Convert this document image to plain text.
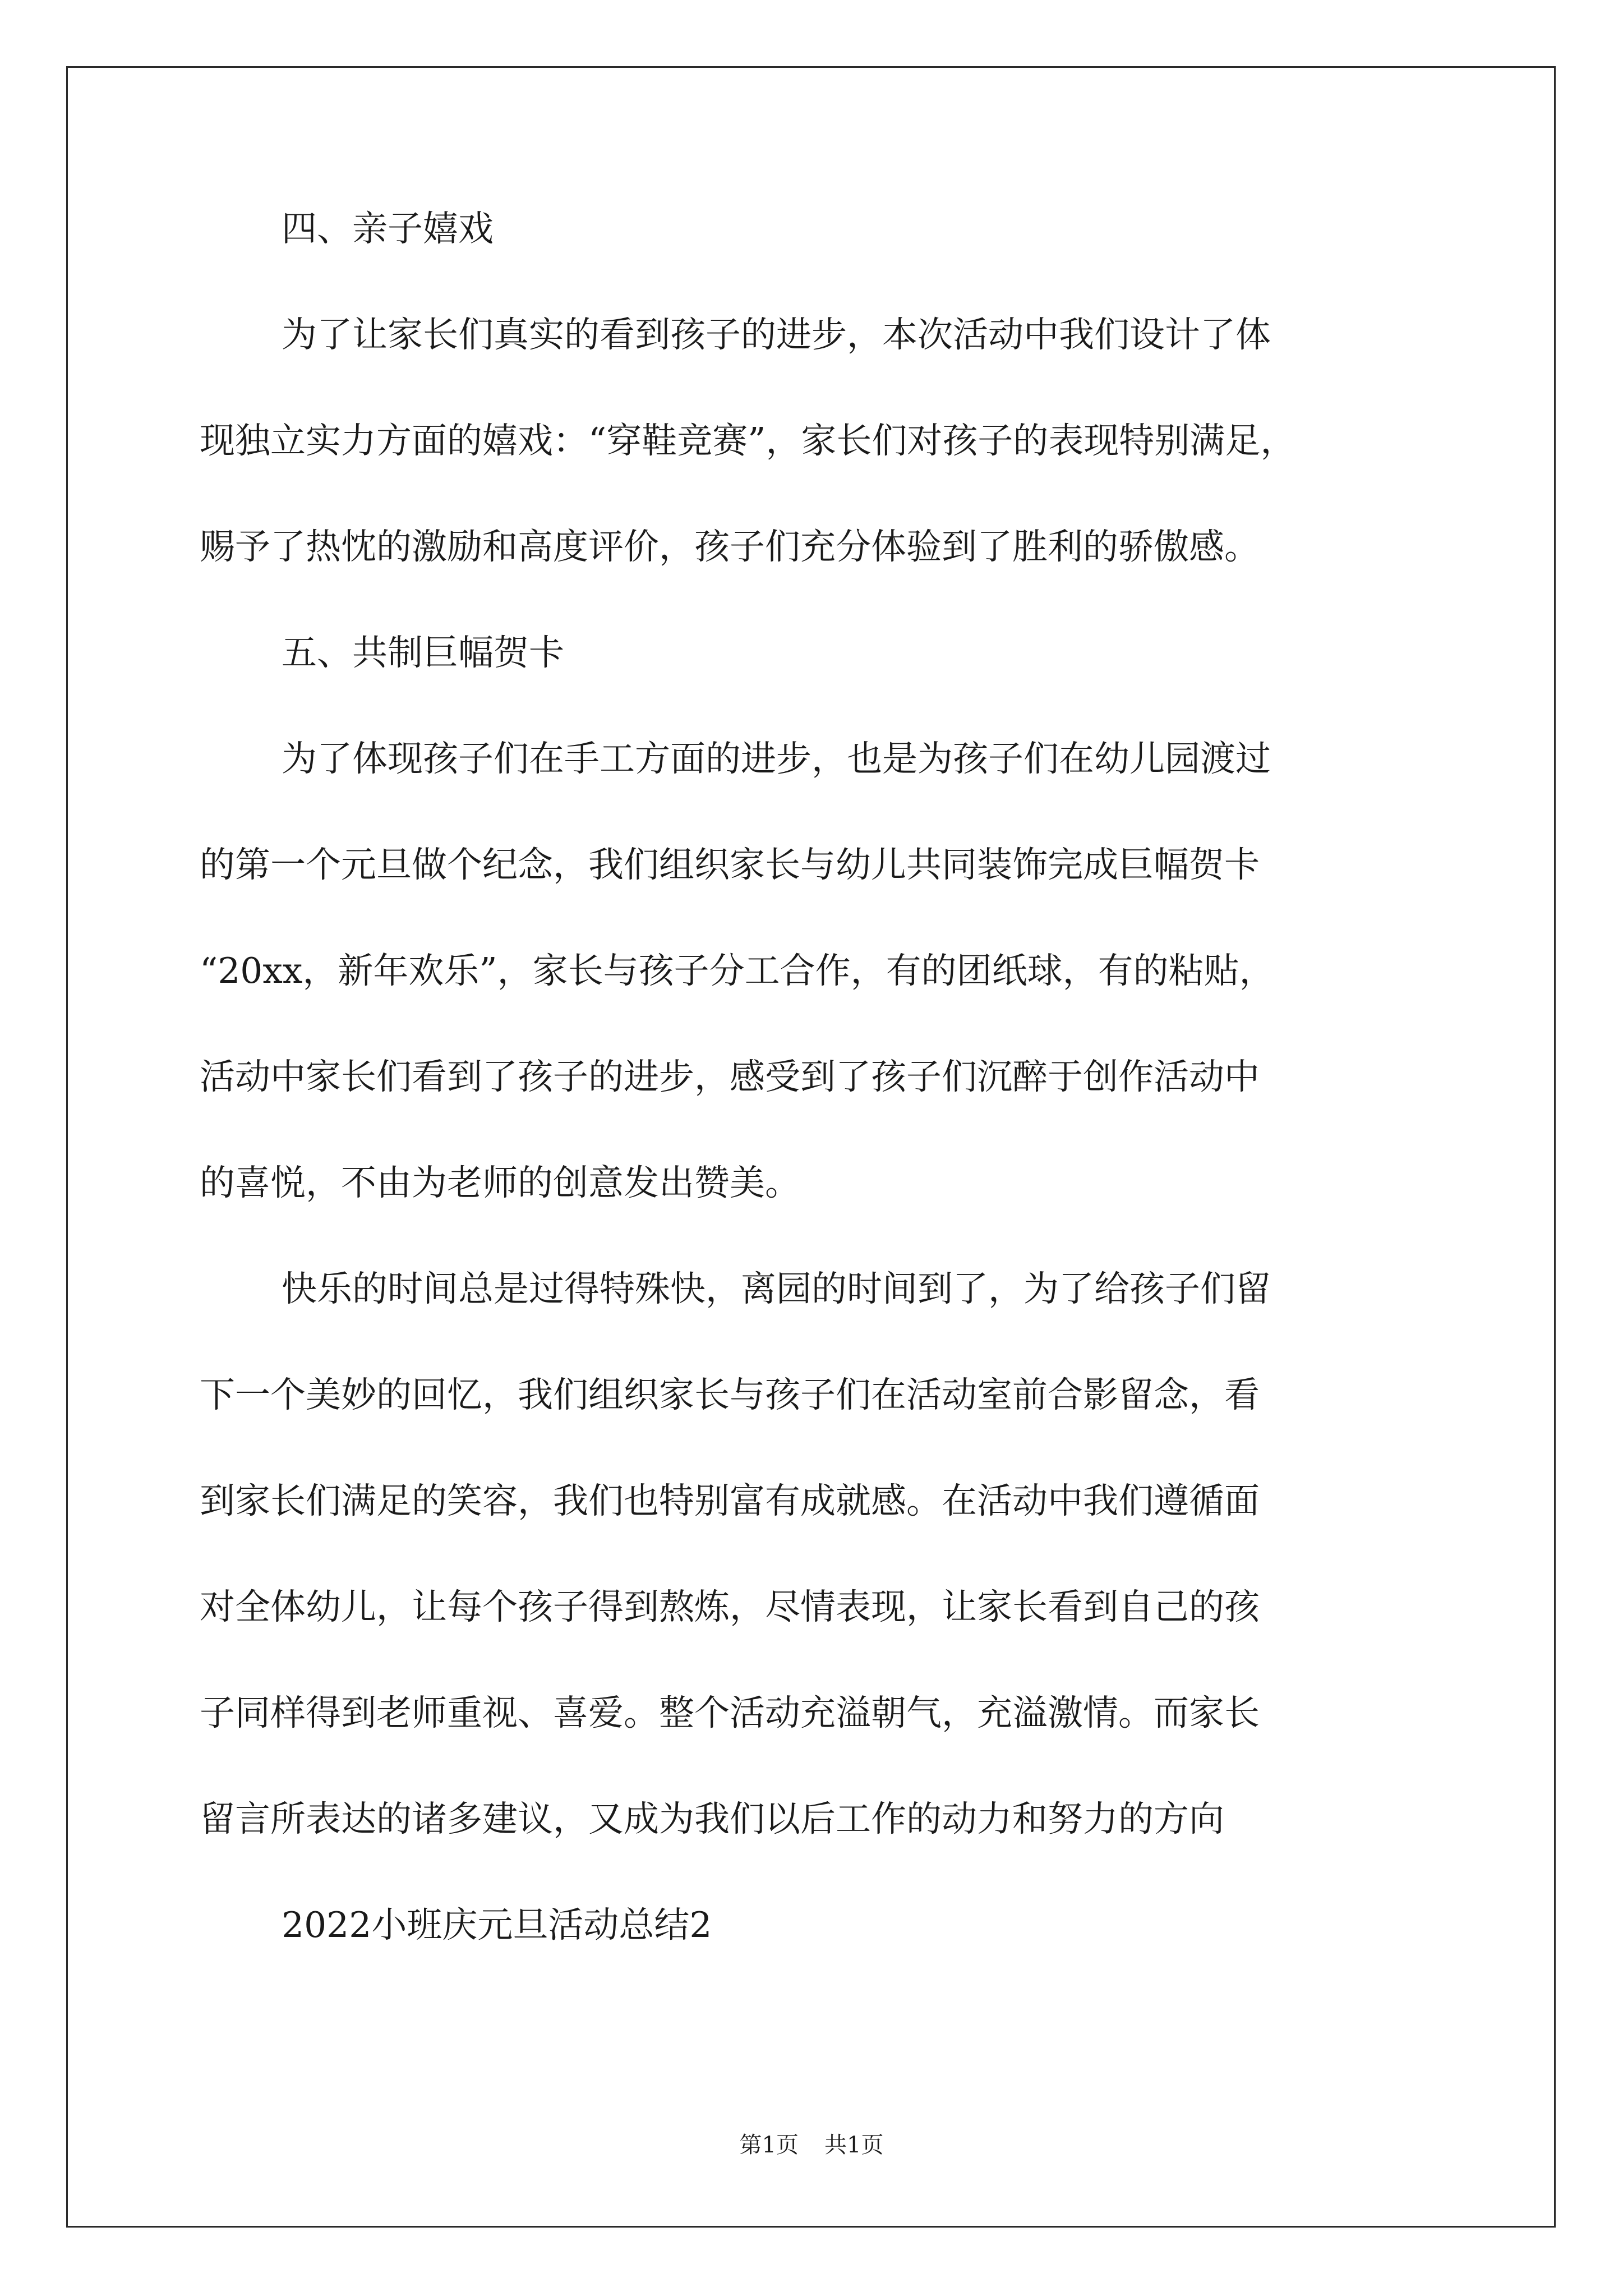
四、亲子嬉戏
为了让家长们真实的看到孩子的进步，本次活动中我们设计了体
现独立实力方面的嬉戏：“穿鞋竞赛”，家长们对孩子的表现特别满足，
赐予了热忱的激励和高度评价，孩子们充分体验到了胜利的骄傲感。
五、共制巨幅贺卡
为了体现孩子们在手工方面的进步，也是为孩子们在幼儿园渡过
的第一个元旦做个纪念，我们组织家长与幼儿共同装饰完成巨幅贺卡
“20xx，新年欢乐”，家长与孩子分工合作，有的团纸球，有的粘贴，
活动中家长们看到了孩子的进步，感受到了孩子们沉醉于创作活动中
的喜悦，不由为老师的创意发出赞美。
快乐的时间总是过得特殊快，离园的时间到了，为了给孩子们留
下一个美妙的回忆，我们组织家长与孩子们在活动室前合影留念，看
到家长们满足的笑容，我们也特别富有成就感。在活动中我们遵循面
对全体幼儿，让每个孩子得到熬炼，尽情表现，让家长看到自己的孩
子同样得到老师重视、喜爱。整个活动充溢朝气，充溢激情。而家长
留言所表达的诸多建议，又成为我们以后工作的动力和努力的方向
2022小班庆元旦活动总结2
第1页 共1页
